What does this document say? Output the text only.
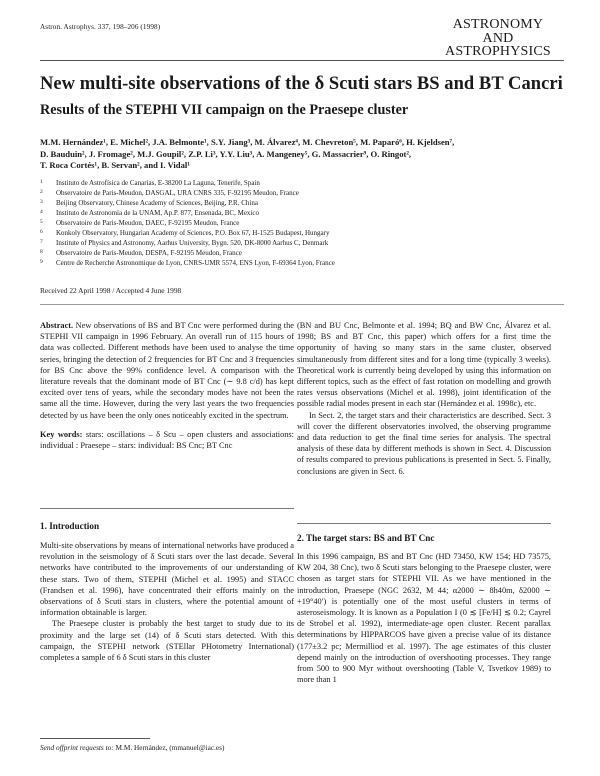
Astron. Astrophys. 337, 198–206 (1998)	ASTRONOMY
AND
ASTROPHYSICS
New multi-site observations of the δ Scuti stars BS and BT Cancri
Results of the STEPHI VII campaign on the Praesepe cluster
M.M. Hernández¹, E. Michel², J.A. Belmonte¹, S.Y. Jiang³, M. Álvarez⁴, M. Chevreton⁵, M. Paparó⁶, H. Kjeldsen⁷,
D. Bauduin², J. Fromage², M.J. Goupil², Z.P. Li³, Y.Y. Liu³, A. Mangeney⁵, G. Massacrier⁹, O. Ringot²,
T. Roca Cortés¹, B. Servan², and I. Vidal¹
1	Instituto de Astrofísica de Canarias, E-38200 La Laguna, Tenerife, Spain
2	Observatoire de Paris-Meudon, DASGAL, URA CNRS 335, F-92195 Meudon, France
3	Beijing Observatory, Chinese Academy of Sciences, Beijing, P.R. China
4	Instituto de Astronomía de la UNAM, Ap.P. 877, Ensenada, BC, Mexico
5	Observatoire de Paris-Meudon, DAEC, F-92195 Meudon, France
6	Konkoly Observatory, Hungarian Academy of Sciences, P.O. Box 67, H-1525 Budapest, Hungary
7	Institute of Physics and Astronomy, Aarhus University, Bygn. 520, DK-8000 Aarhus C, Denmark
8	Observatoire de Paris-Meudon, DESPA, F-92195 Meudon, France
9	Centre de Recherche Astronomique de Lyon, CNRS-UMR 5574, ENS Lyon, F-69364 Lyon, France
Received 22 April 1998 / Accepted 4 June 1998

Abstract. New observations of BS and BT Cnc were performed during the STEPHI VII campaign in 1996 February. An overall run of 115 hours of data was collected. Different methods have been used to analyse the time series, bringing the detection of 2 frequencies for BT Cnc and 3 frequencies for BS Cnc above the 99% confidence level. A comparison with the literature reveals that the dominant mode of BT Cnc (∼ 9.8 c/d) has kept excited over tens of years, while the secondary modes have not been the same all the time. However, during the very last years the two frequencies detected by us have been the only ones noticeably excited in the spectrum.

Key words: stars: oscillations – δ Scu – open clusters and associations: individual : Praesepe – stars: individual: BS Cnc; BT Cnc

(BN and BU Cnc, Belmonte et al. 1994; BQ and BW Cnc, Álvarez et al. 1998; BS and BT Cnc, this paper) which offers for a first time the opportunity of having so many stars in the same cluster, observed simultaneously from different sites and for a long time (typically 3 weeks). Theoretical work is currently being developed by using this information on different topics, such as the effect of fast rotation on modelling and growth rates versus observations (Michel et al. 1998), joint identification of the possible radial modes present in each star (Hernández et al. 1998c), etc.

In Sect. 2, the target stars and their characteristics are described. Sect. 3 will cover the different observatories involved, the observing programme and data reduction to get the final time series for analysis. The spectral analysis of these data by different methods is shown in Sect. 4. Discussion of results compared to previous publications is presented in Sect. 5. Finally, conclusions are given in Sect. 6.

1. Introduction

Multi-site observations by means of international networks have produced a revolution in the seismology of δ Scuti stars over the last decade. Several networks have contributed to the improvements of our understanding of these stars. Two of them, STEPHI (Michel et al. 1995) and STACC (Frandsen et al. 1996), have concentrated their efforts mainly on the observations of δ Scuti stars in clusters, where the potential amount of information obtainable is larger.

The Praesepe cluster is probably the best target to study due to its proximity and the large set (14) of δ Scuti stars detected. With this campaign, the STEPHI network (STEllar PHotometry International) completes a sample of 6 δ Scuti stars in this cluster

2. The target stars: BS and BT Cnc

In this 1996 campaign, BS and BT Cnc (HD 73450, KW 154; HD 73575, KW 204, 38 Cnc), two δ Scuti stars belonging to the Praesepe cluster, were chosen as target stars for STEPHI VII. As we have mentioned in the introduction, Praesepe (NGC 2632, M 44; α2000 ∼ 8h40m, δ2000 ∼ +19°40′) is potentially one of the most useful clusters in terms of asteroseismology. It is known as a Population I (0 ≲ [Fe/H] ≲ 0.2; Cayrel de Strobel et al. 1992), intermediate-age open cluster. Recent parallax determinations by HIPPARCOS have given a precise value of its distance (177±3.2 pc; Mermilliod et al. 1997). The age estimates of this cluster depend mainly on the introduction of overshooting processes. They range from 500 to 900 Myr without overshooting (Table V, Tsvetkov 1989) to more than 1

Send offprint requests to: M.M. Hernández, (mmanuel@iac.es)
